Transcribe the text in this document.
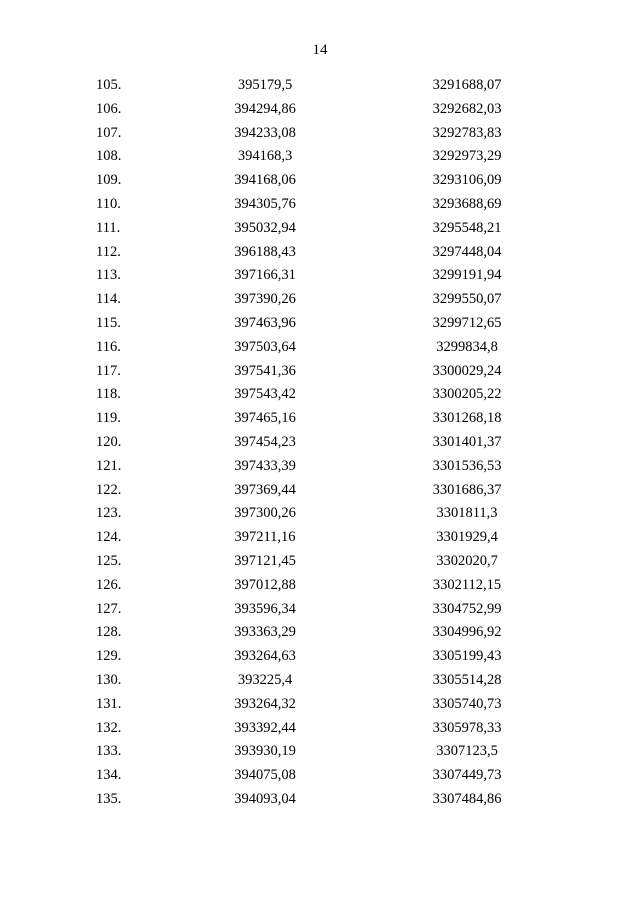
14
105.	395179,5	3291688,07
106.	394294,86	3292682,03
107.	394233,08	3292783,83
108.	394168,3	3292973,29
109.	394168,06	3293106,09
110.	394305,76	3293688,69
111.	395032,94	3295548,21
112.	396188,43	3297448,04
113.	397166,31	3299191,94
114.	397390,26	3299550,07
115.	397463,96	3299712,65
116.	397503,64	3299834,8
117.	397541,36	3300029,24
118.	397543,42	3300205,22
119.	397465,16	3301268,18
120.	397454,23	3301401,37
121.	397433,39	3301536,53
122.	397369,44	3301686,37
123.	397300,26	3301811,3
124.	397211,16	3301929,4
125.	397121,45	3302020,7
126.	397012,88	3302112,15
127.	393596,34	3304752,99
128.	393363,29	3304996,92
129.	393264,63	3305199,43
130.	393225,4	3305514,28
131.	393264,32	3305740,73
132.	393392,44	3305978,33
133.	393930,19	3307123,5
134.	394075,08	3307449,73
135.	394093,04	3307484,86
